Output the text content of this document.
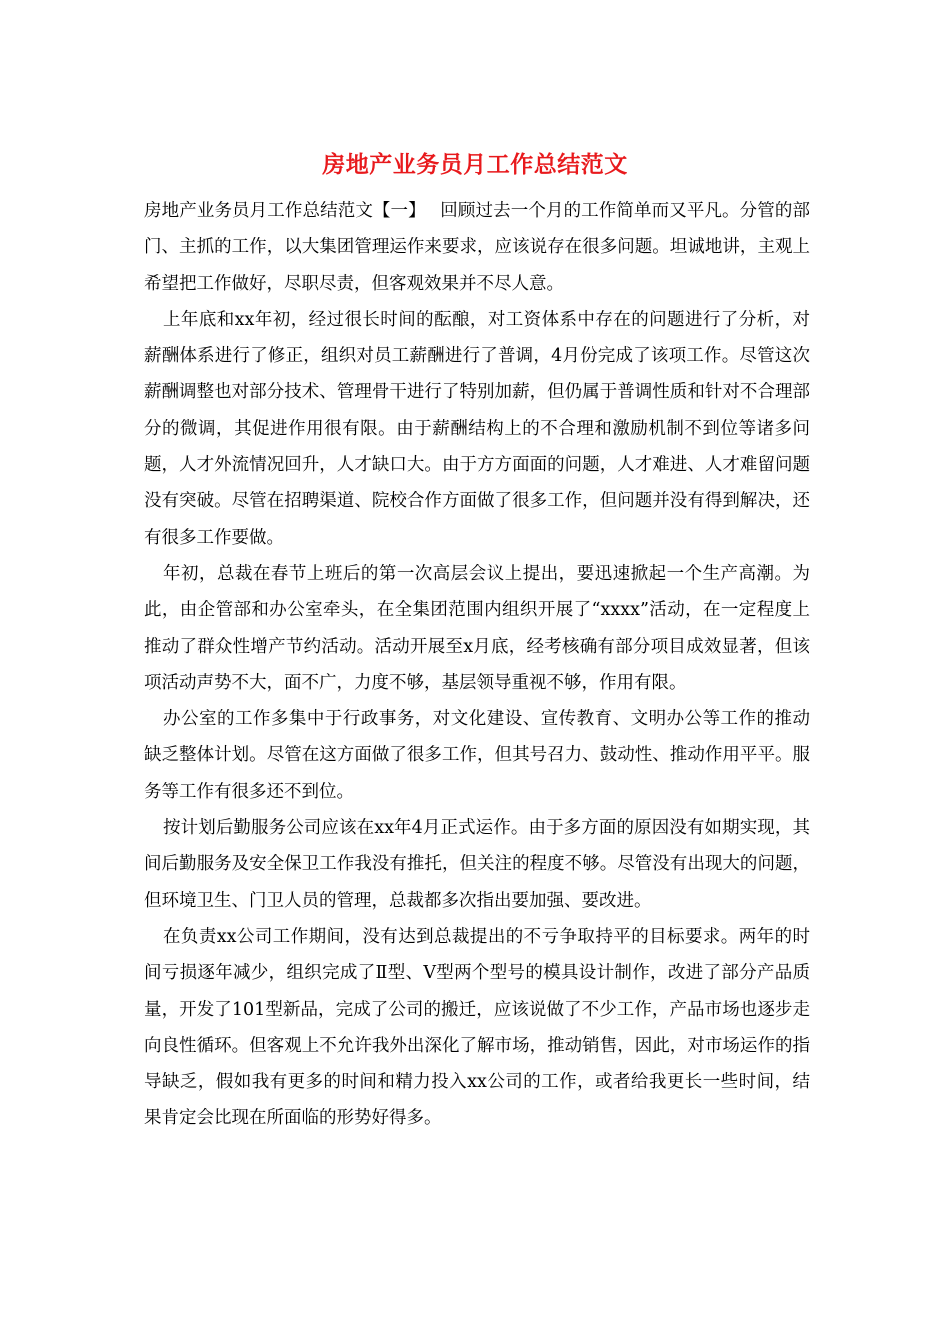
房地产业务员月工作总结范文

房地产业务员月工作总结范文【一】　 回顾过去一个月的工作简单而又平凡。分管的部门、主抓的工作，以大集团管理运作来要求，应该说存在很多问题。坦诚地讲，主观上希望把工作做好，尽职尽责，但客观效果并不尽人意。

上年底和xx年初，经过很长时间的酝酿，对工资体系中存在的问题进行了分析，对薪酬体系进行了修正，组织对员工薪酬进行了普调，4月份完成了该项工作。尽管这次薪酬调整也对部分技术、管理骨干进行了特别加薪，但仍属于普调性质和针对不合理部分的微调，其促进作用很有限。由于薪酬结构上的不合理和激励机制不到位等诸多问题，人才外流情况回升，人才缺口大。由于方方面面的问题，人才难进、人才难留问题没有突破。尽管在招聘渠道、院校合作方面做了很多工作，但问题并没有得到解决，还有很多工作要做。

年初，总裁在春节上班后的第一次高层会议上提出，要迅速掀起一个生产高潮。为此，由企管部和办公室牵头，在全集团范围内组织开展了“xxxx”活动，在一定程度上推动了群众性增产节约活动。活动开展至x月底，经考核确有部分项目成效显著，但该项活动声势不大，面不广，力度不够，基层领导重视不够，作用有限。

办公室的工作多集中于行政事务，对文化建设、宣传教育、文明办公等工作的推动缺乏整体计划。尽管在这方面做了很多工作，但其号召力、鼓动性、推动作用平平。服务等工作有很多还不到位。

按计划后勤服务公司应该在xx年4月正式运作。由于多方面的原因没有如期实现，其间后勤服务及安全保卫工作我没有推托，但关注的程度不够。尽管没有出现大的问题，但环境卫生、门卫人员的管理，总裁都多次指出要加强、要改进。

在负责xx公司工作期间，没有达到总裁提出的不亏争取持平的目标要求。两年的时间亏损逐年减少，组织完成了Ⅱ型、Ⅴ型两个型号的模具设计制作，改进了部分产品质量，开发了101型新品，完成了公司的搬迁，应该说做了不少工作，产品市场也逐步走向良性循环。但客观上不允许我外出深化了解市场，推动销售，因此，对市场运作的指导缺乏，假如我有更多的时间和精力投入xx公司的工作，或者给我更长一些时间，结果肯定会比现在所面临的形势好得多。
